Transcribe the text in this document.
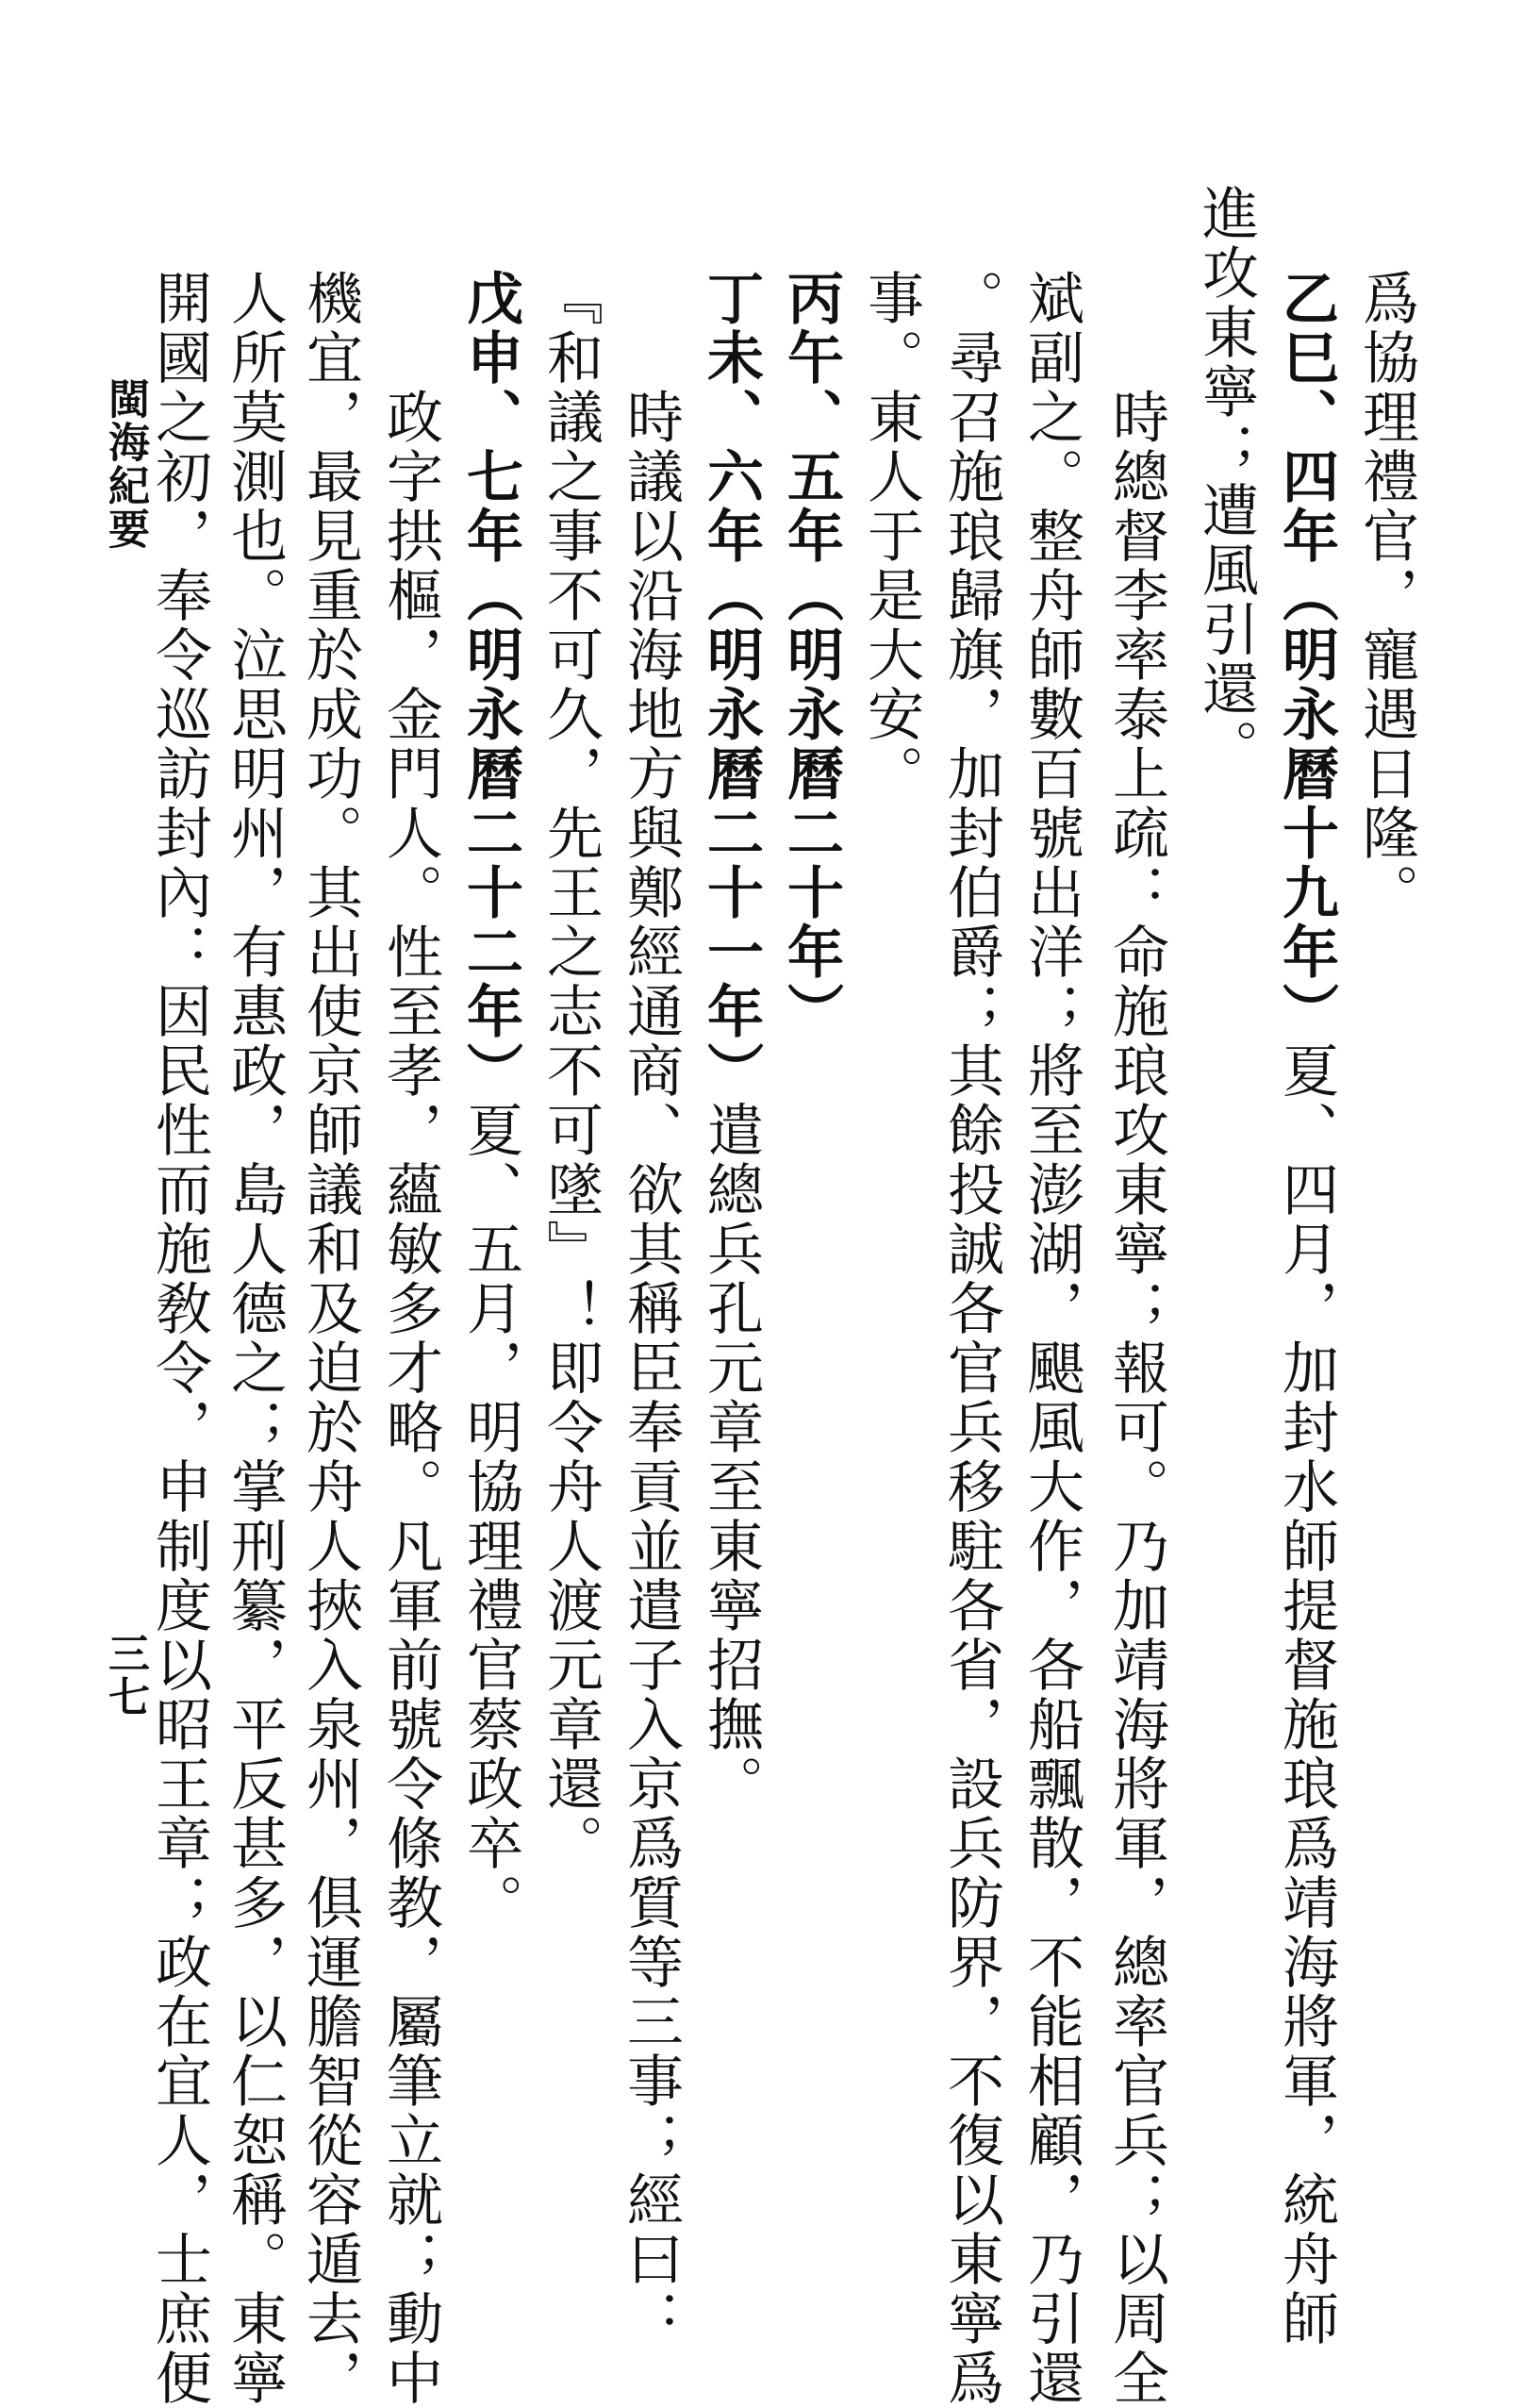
閩海紀要
三七
爲協理禮官，寵遇日隆。
乙巳、四年（明永曆十九年）夏、四月，加封水師提督施琅爲靖海將軍，統舟師
進攻東寧；遭風引還。
　　時總督李率泰上疏：命施琅攻東寧；報可。乃加靖海將軍，總率官兵；以周全
斌副之。整舟師數百號出洋；將至澎湖，颶風大作，各船飄散，不能相顧，乃引還
。尋召施琅歸旗，加封伯爵；其餘投誠各官兵移駐各省，設兵防界，不復以東寧爲
事。東人于是大安。
丙午、五年（明永曆二十年）
丁未、六年（明永曆二十一年）遣總兵孔元章至東寧招撫。
　　時議以沿海地方與鄭經通商、欲其稱臣奉貢並遣子入京爲質等三事；經曰：
『和議之事不可久，先王之志不可墜』！即令舟人渡元章還。
戊申、七年（明永曆二十二年）夏、五月，明協理禮官蔡政卒。
　　政字拱樞，金門人。性至孝，蘊敏多才略。凡軍前號令條教，屬筆立就；動中
機宜，最見重於成功。其出使京師議和及迫於舟人挾入泉州，俱運膽智從容遁去，
人所莫測也。泣思明州，有惠政，島人德之；掌刑纂，平反甚多，以仁恕稱。東寧
開國之初，奉令巡訪封內：因民性而施敎令，申制度以昭王章；政在宜人，士庶便
